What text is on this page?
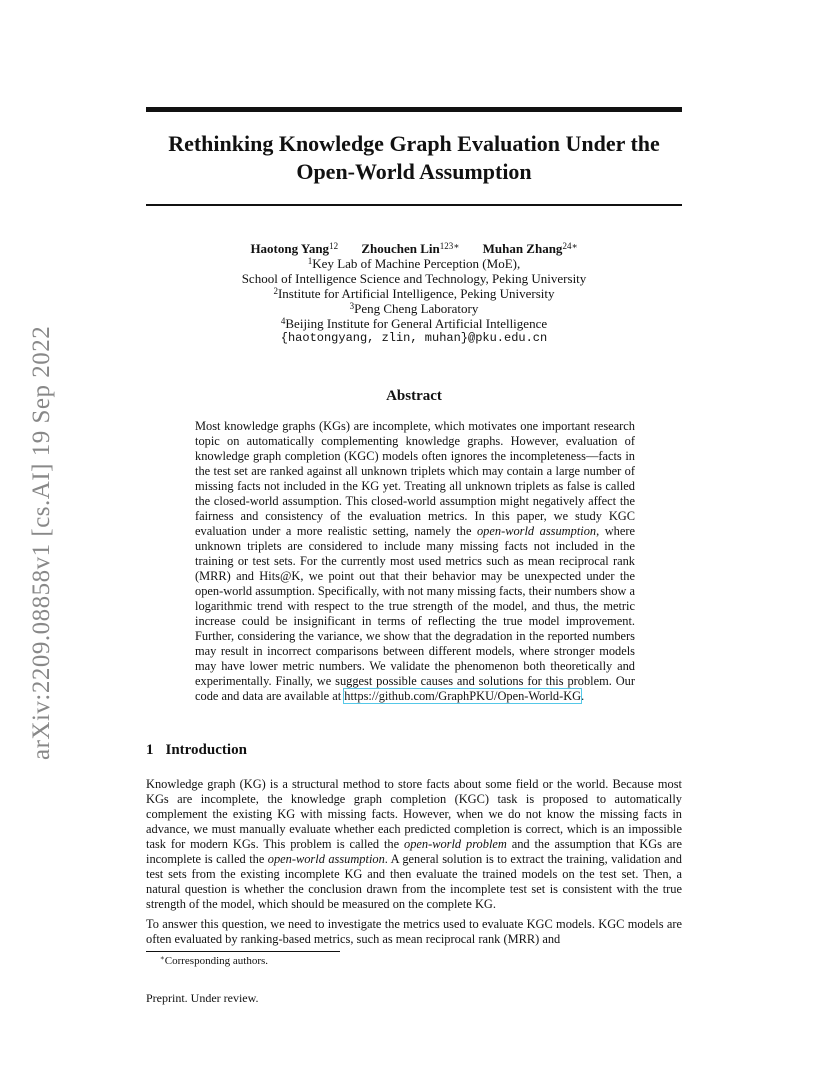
arXiv:2209.08858v1 [cs.AI] 19 Sep 2022
Rethinking Knowledge Graph Evaluation Under the
Open-World Assumption
Haotong Yang$^{12}$ Zhouchen Lin$^{123∗}$ Muhan Zhang$^{24∗}$
$^1$Key Lab of Machine Perception (MoE),
School of Intelligence Science and Technology, Peking University
$^2$Institute for Artificial Intelligence, Peking University
$^3$Peng Cheng Laboratory
$^4$Beijing Institute for General Artificial Intelligence
{haotongyang, zlin, muhan}@pku.edu.cn
Abstract
Most knowledge graphs (KGs) are incomplete, which motivates one important research topic on automatically complementing knowledge graphs. However, evaluation of knowledge graph completion (KGC) models often ignores the incompleteness—facts in the test set are ranked against all unknown triplets which may contain a large number of missing facts not included in the KG yet. Treating all unknown triplets as false is called the closed-world assumption. This closed-world assumption might negatively affect the fairness and consistency of the evaluation metrics. In this paper, we study KGC evaluation under a more realistic setting, namely the open-world assumption, where unknown triplets are considered to include many missing facts not included in the training or test sets. For the currently most used metrics such as mean reciprocal rank (MRR) and Hits@K, we point out that their behavior may be unexpected under the open-world assumption. Specifically, with not many missing facts, their numbers show a logarithmic trend with respect to the true strength of the model, and thus, the metric increase could be insignificant in terms of reflecting the true model improvement. Further, considering the variance, we show that the degradation in the reported numbers may result in incorrect comparisons between different models, where stronger models may have lower metric numbers. We validate the phenomenon both theoretically and experimentally. Finally, we suggest possible causes and solutions for this problem. Our code and data are available at https://github.com/GraphPKU/Open-World-KG.
1 Introduction
Knowledge graph (KG) is a structural method to store facts about some field or the world. Because most KGs are incomplete, the knowledge graph completion (KGC) task is proposed to automatically complement the existing KG with missing facts. However, when we do not know the missing facts in advance, we must manually evaluate whether each predicted completion is correct, which is an impossible task for modern KGs. This problem is called the open-world problem and the assumption that KGs are incomplete is called the open-world assumption. A general solution is to extract the training, validation and test sets from the existing incomplete KG and then evaluate the trained models on the test set. Then, a natural question is whether the conclusion drawn from the incomplete test set is consistent with the true strength of the model, which should be measured on the complete KG.
To answer this question, we need to investigate the metrics used to evaluate KGC models. KGC models are often evaluated by ranking-based metrics, such as mean reciprocal rank (MRR) and
∗Corresponding authors.
Preprint. Under review.
